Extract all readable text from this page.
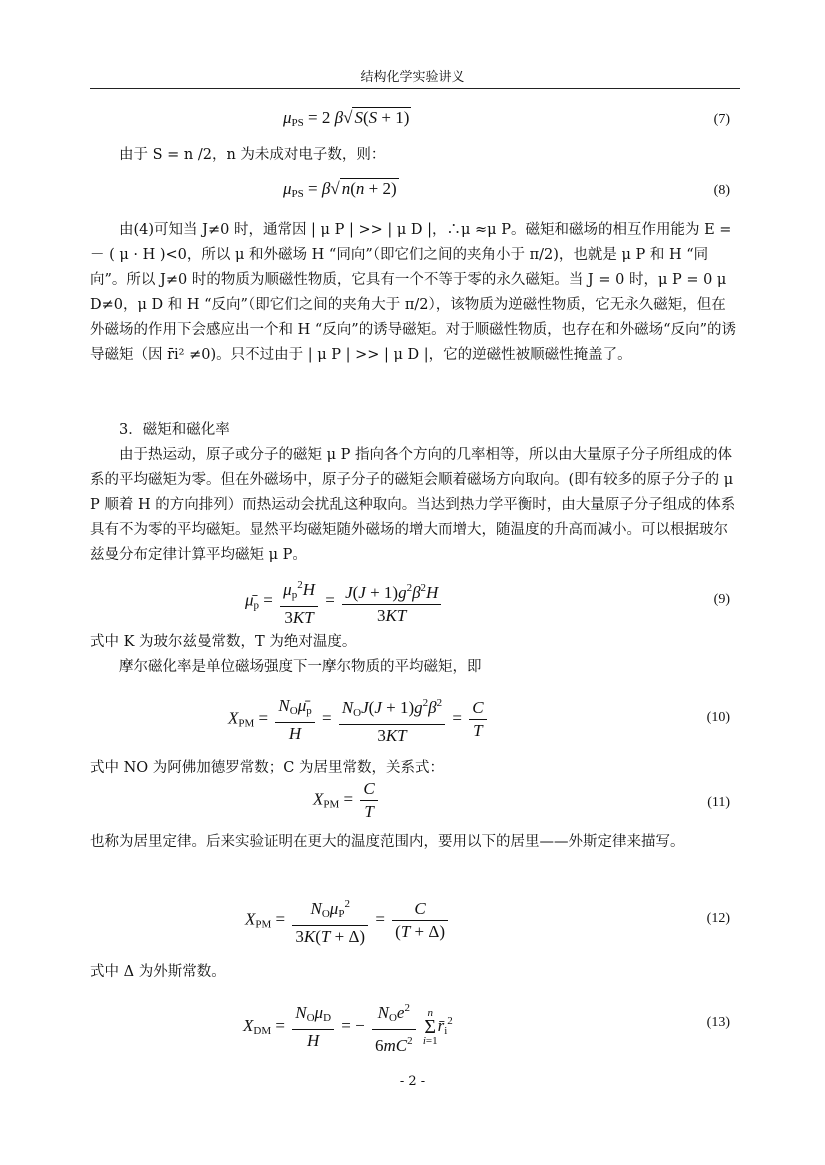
结构化学实验讲义
$\mu_{PS} = 2$ β√ S(S + 1)	(7)
由于 S = n /2，n 为未成对电子数，则：
$\mu_{PS} = \beta√$ n(n + 2)	(8)
由(4)可知当 J≠0 时，通常因 | μ P | >> | μ D |，∴μ ≈μ P。磁矩和磁场的相互作用能为 E = － ( μ · H )<0，所以 μ 和外磁场 H “同向”（即它们之间的夹角小于 π/2)，也就是 μ P 和 H “同向”。所以 J≠0 时的物质为顺磁性物质，它具有一个不等于零的永久磁矩。当 J = 0 时，μ P = 0 μ D≠0，μ D 和 H “反向”（即它们之间的夹角大于 π/2），该物质为逆磁性物质，它无永久磁矩，但在外磁场的作用下会感应出一个和 H “反向”的诱导磁矩。对于顺磁性物质，也存在和外磁场“反向”的诱导磁矩（因 r̄i² ≠0)。只不过由于 | μ P | >> | μ D |，它的逆磁性被顺磁性掩盖了。
3．磁矩和磁化率
由于热运动，原子或分子的磁矩 μ P 指向各个方向的几率相等，所以由大量原子分子所组成的体系的平均磁矩为零。但在外磁场中，原子分子的磁矩会顺着磁场方向取向。(即有较多的原子分子的 μ P 顺着 H 的方向排列）而热运动会扰乱这种取向。当达到热力学平衡时，由大量原子分子组成的体系具有不为零的平均磁矩。显然平均磁矩随外磁场的增大而增大，随温度的升高而减小。可以根据玻尔兹曼分布定律计算平均磁矩 μ P。
$\mū_p = \frac{\mu_p^2H}{3KT} = \frac{J(J + 1)g^2\beta^2H}{3KT}$	(9)
式中 K 为玻尔兹曼常数，T 为绝对温度。
摩尔磁化率是单位磁场强度下一摩尔物质的平均磁矩，即
$X_{PM} = \frac{N_O\mū_p}{H} = \frac{N_OJ(J + 1)g^2\beta^2}{3KT} = \frac{C}{T}$	(10)
式中 NO 为阿佛加德罗常数；C 为居里常数，关系式：
$X_{PM} = \frac{C}{T}$	(11)
也称为居里定律。后来实验证明在更大的温度范围内，要用以下的居里——外斯定律来描写。
$X_{PM} = \frac{N_O\mu_P^2}{3K(T + \Delta)} = \frac{C}{(T + \Delta)}$	(12)
式中 Δ 为外斯常数。
$X_{DM} = \frac{N_O\mu_D}{H}$ = − $\frac{N_Oe^2}{6mC^2}$ n
Σ
$i=1r̄_i^2$	(13)
- 2 -
